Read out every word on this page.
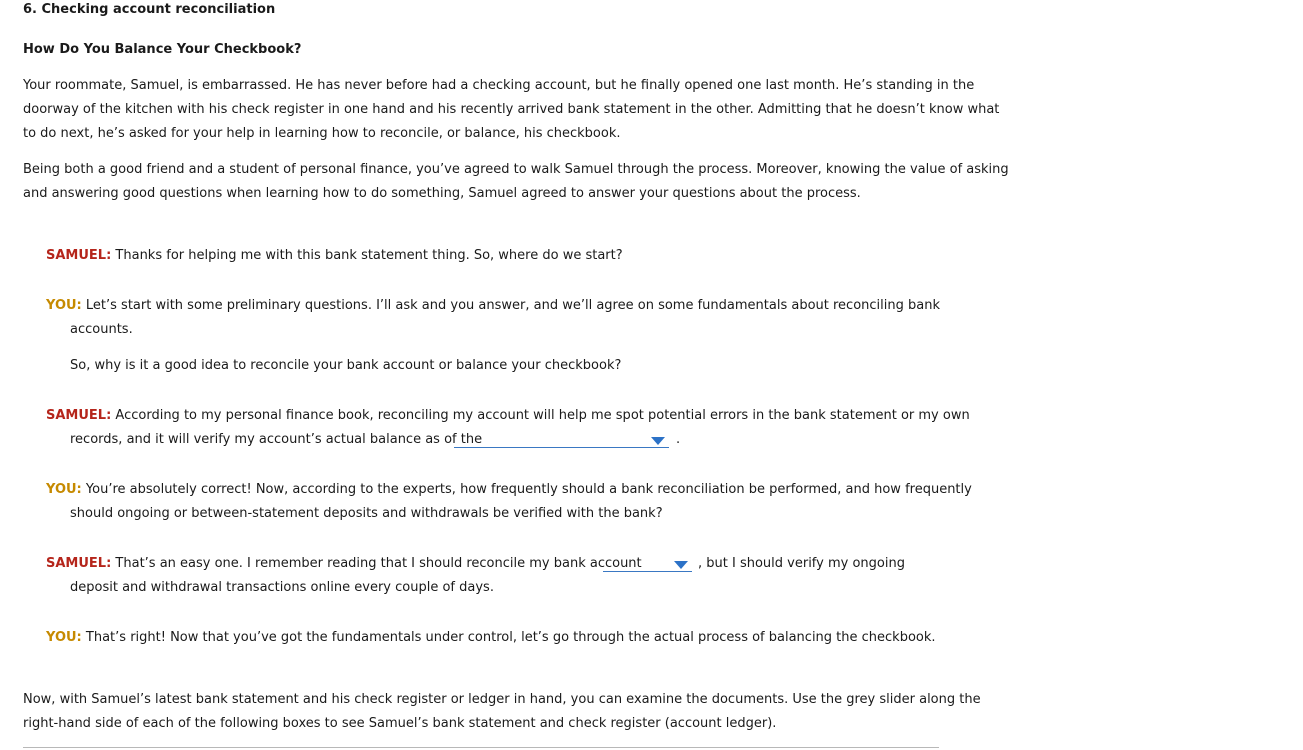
6. Checking account reconciliation
How Do You Balance Your Checkbook?
Your roommate, Samuel, is embarrassed. He has never before had a checking account, but he finally opened one last month. He’s standing in the
doorway of the kitchen with his check register in one hand and his recently arrived bank statement in the other. Admitting that he doesn’t know what
to do next, he’s asked for your help in learning how to reconcile, or balance, his checkbook.
Being both a good friend and a student of personal finance, you’ve agreed to walk Samuel through the process. Moreover, knowing the value of asking
and answering good questions when learning how to do something, Samuel agreed to answer your questions about the process.
SAMUEL: Thanks for helping me with this bank statement thing. So, where do we start?
YOU: Let’s start with some preliminary questions. I’ll ask and you answer, and we’ll agree on some fundamentals about reconciling bank
accounts.
So, why is it a good idea to reconcile your bank account or balance your checkbook?
SAMUEL: According to my personal finance book, reconciling my account will help me spot potential errors in the bank statement or my own
records, and it will verify my account’s actual balance as of the	.
YOU: You’re absolutely correct! Now, according to the experts, how frequently should a bank reconciliation be performed, and how frequently
should ongoing or between-statement deposits and withdrawals be verified with the bank?
SAMUEL: That’s an easy one. I remember reading that I should reconcile my bank account	, but I should verify my ongoing
deposit and withdrawal transactions online every couple of days.
YOU: That’s right! Now that you’ve got the fundamentals under control, let’s go through the actual process of balancing the checkbook.
Now, with Samuel’s latest bank statement and his check register or ledger in hand, you can examine the documents. Use the grey slider along the
right-hand side of each of the following boxes to see Samuel’s bank statement and check register (account ledger).
